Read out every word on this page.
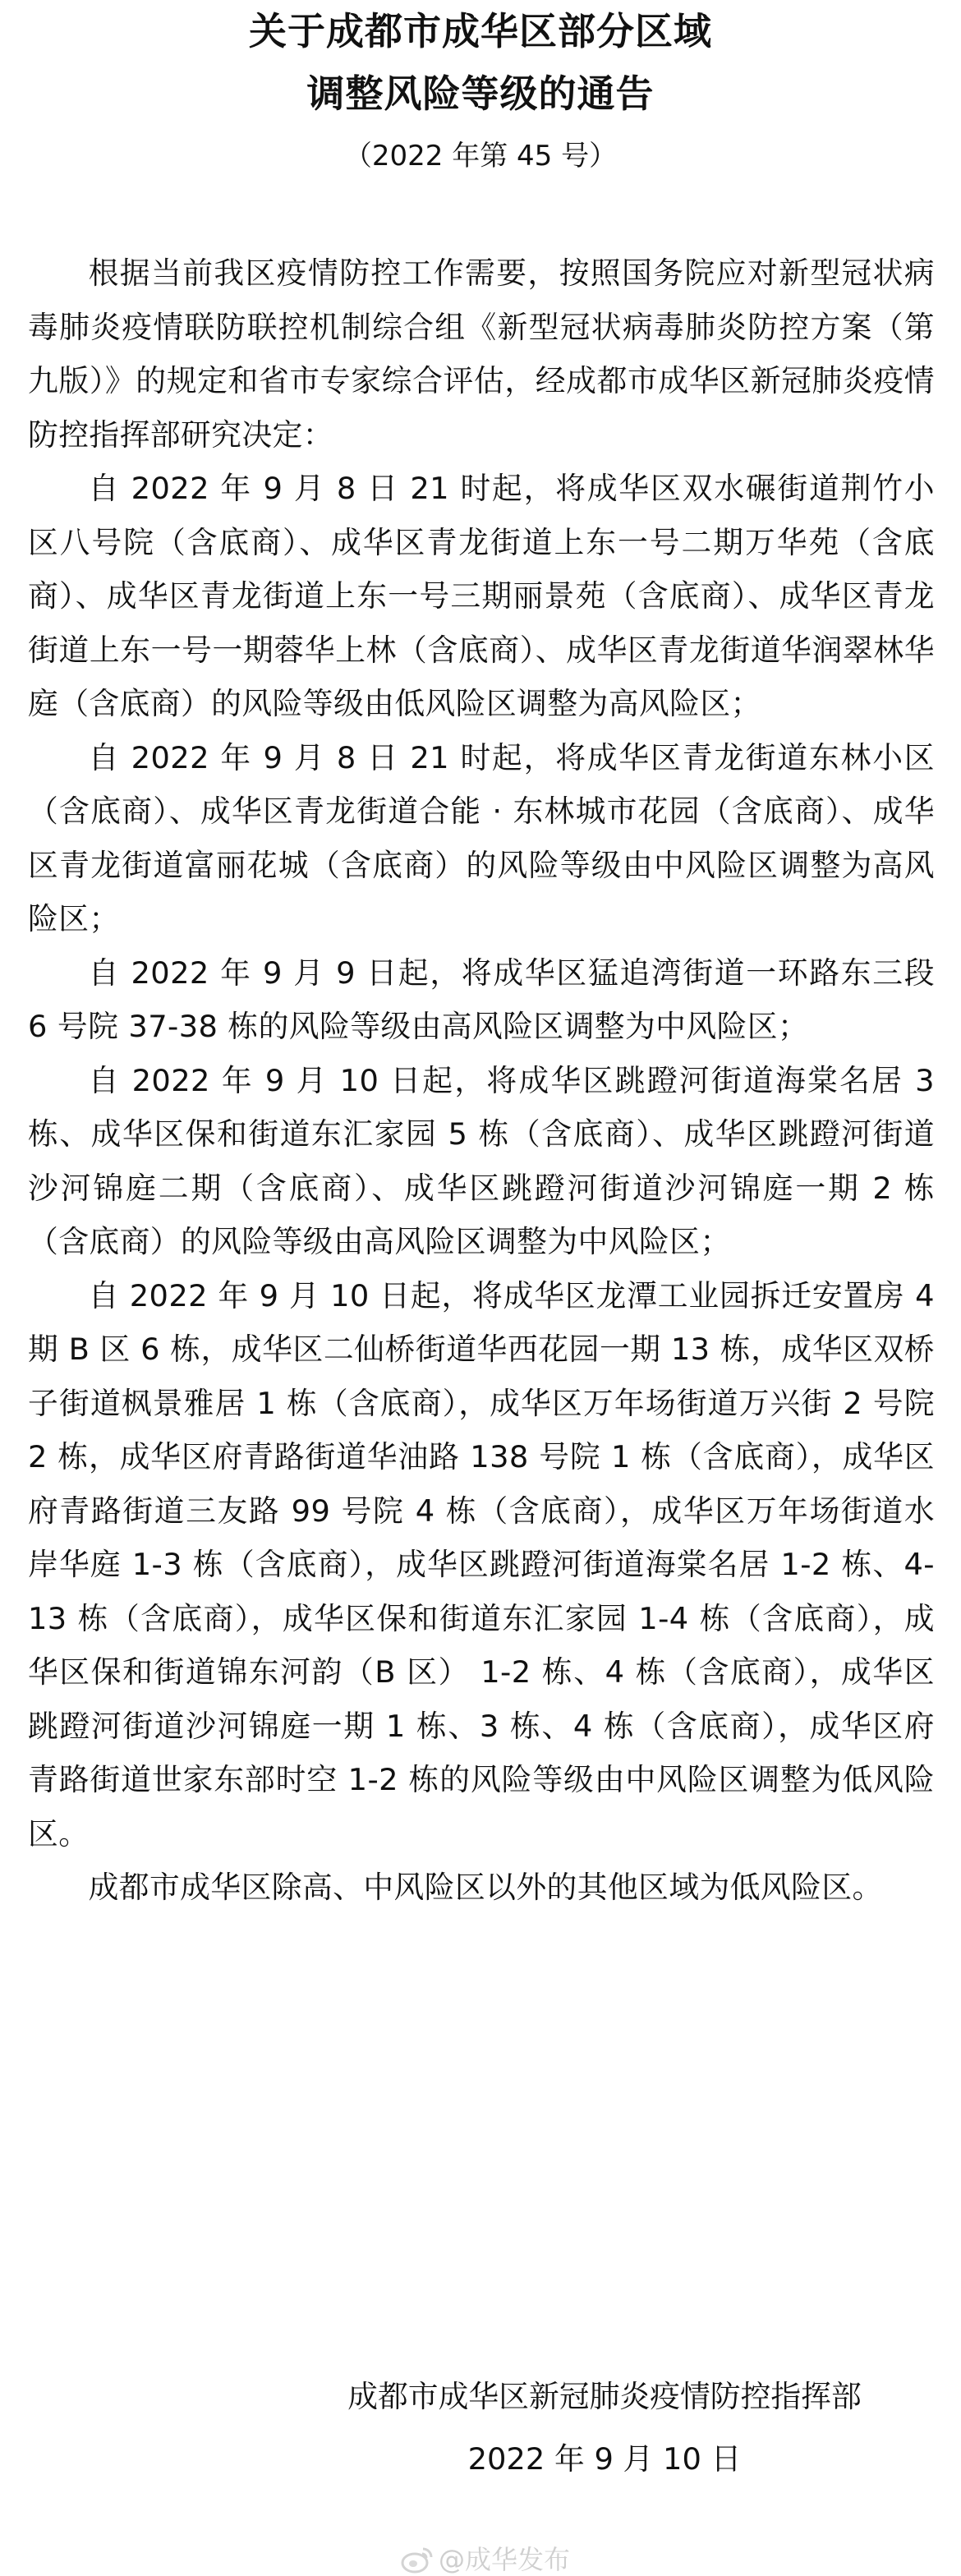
关于成都市成华区部分区域
调整风险等级的通告
（2022 年第 45 号）

根据当前我区疫情防控工作需要，按照国务院应对新型冠状病毒肺炎疫情联防联控机制综合组《新型冠状病毒肺炎防控方案（第九版）》的规定和省市专家综合评估，经成都市成华区新冠肺炎疫情防控指挥部研究决定：

自 2022 年 9 月 8 日 21 时起，将成华区双水碾街道荆竹小区八号院（含底商）、成华区青龙街道上东一号二期万华苑（含底商）、成华区青龙街道上东一号三期丽景苑（含底商）、成华区青龙街道上东一号一期蓉华上林（含底商）、成华区青龙街道华润翠林华庭（含底商）的风险等级由低风险区调整为高风险区；

自 2022 年 9 月 8 日 21 时起，将成华区青龙街道东林小区（含底商）、成华区青龙街道合能 · 东林城市花园（含底商）、成华区青龙街道富丽花城（含底商）的风险等级由中风险区调整为高风险区；

自 2022 年 9 月 9 日起，将成华区猛追湾街道一环路东三段 6 号院 37-38 栋的风险等级由高风险区调整为中风险区；

自 2022 年 9 月 10 日起，将成华区跳蹬河街道海棠名居 3 栋、成华区保和街道东汇家园 5 栋（含底商）、成华区跳蹬河街道沙河锦庭二期（含底商）、成华区跳蹬河街道沙河锦庭一期 2 栋（含底商）的风险等级由高风险区调整为中风险区；

自 2022 年 9 月 10 日起，将成华区龙潭工业园拆迁安置房 4 期 B 区 6 栋，成华区二仙桥街道华西花园一期 13 栋，成华区双桥子街道枫景雅居 1 栋（含底商），成华区万年场街道万兴街 2 号院 2 栋，成华区府青路街道华油路 138 号院 1 栋（含底商），成华区府青路街道三友路 99 号院 4 栋（含底商），成华区万年场街道水岸华庭 1-3 栋（含底商），成华区跳蹬河街道海棠名居 1-2 栋、4-13 栋（含底商），成华区保和街道东汇家园 1-4 栋（含底商），成华区保和街道锦东河韵（B 区） 1-2 栋、4 栋（含底商），成华区跳蹬河街道沙河锦庭一期 1 栋、3 栋、4 栋（含底商），成华区府青路街道世家东部时空 1-2 栋的风险等级由中风险区调整为低风险区。

成都市成华区除高、中风险区以外的其他区域为低风险区。

成都市成华区新冠肺炎疫情防控指挥部
2022 年 9 月 10 日
@成华发布
